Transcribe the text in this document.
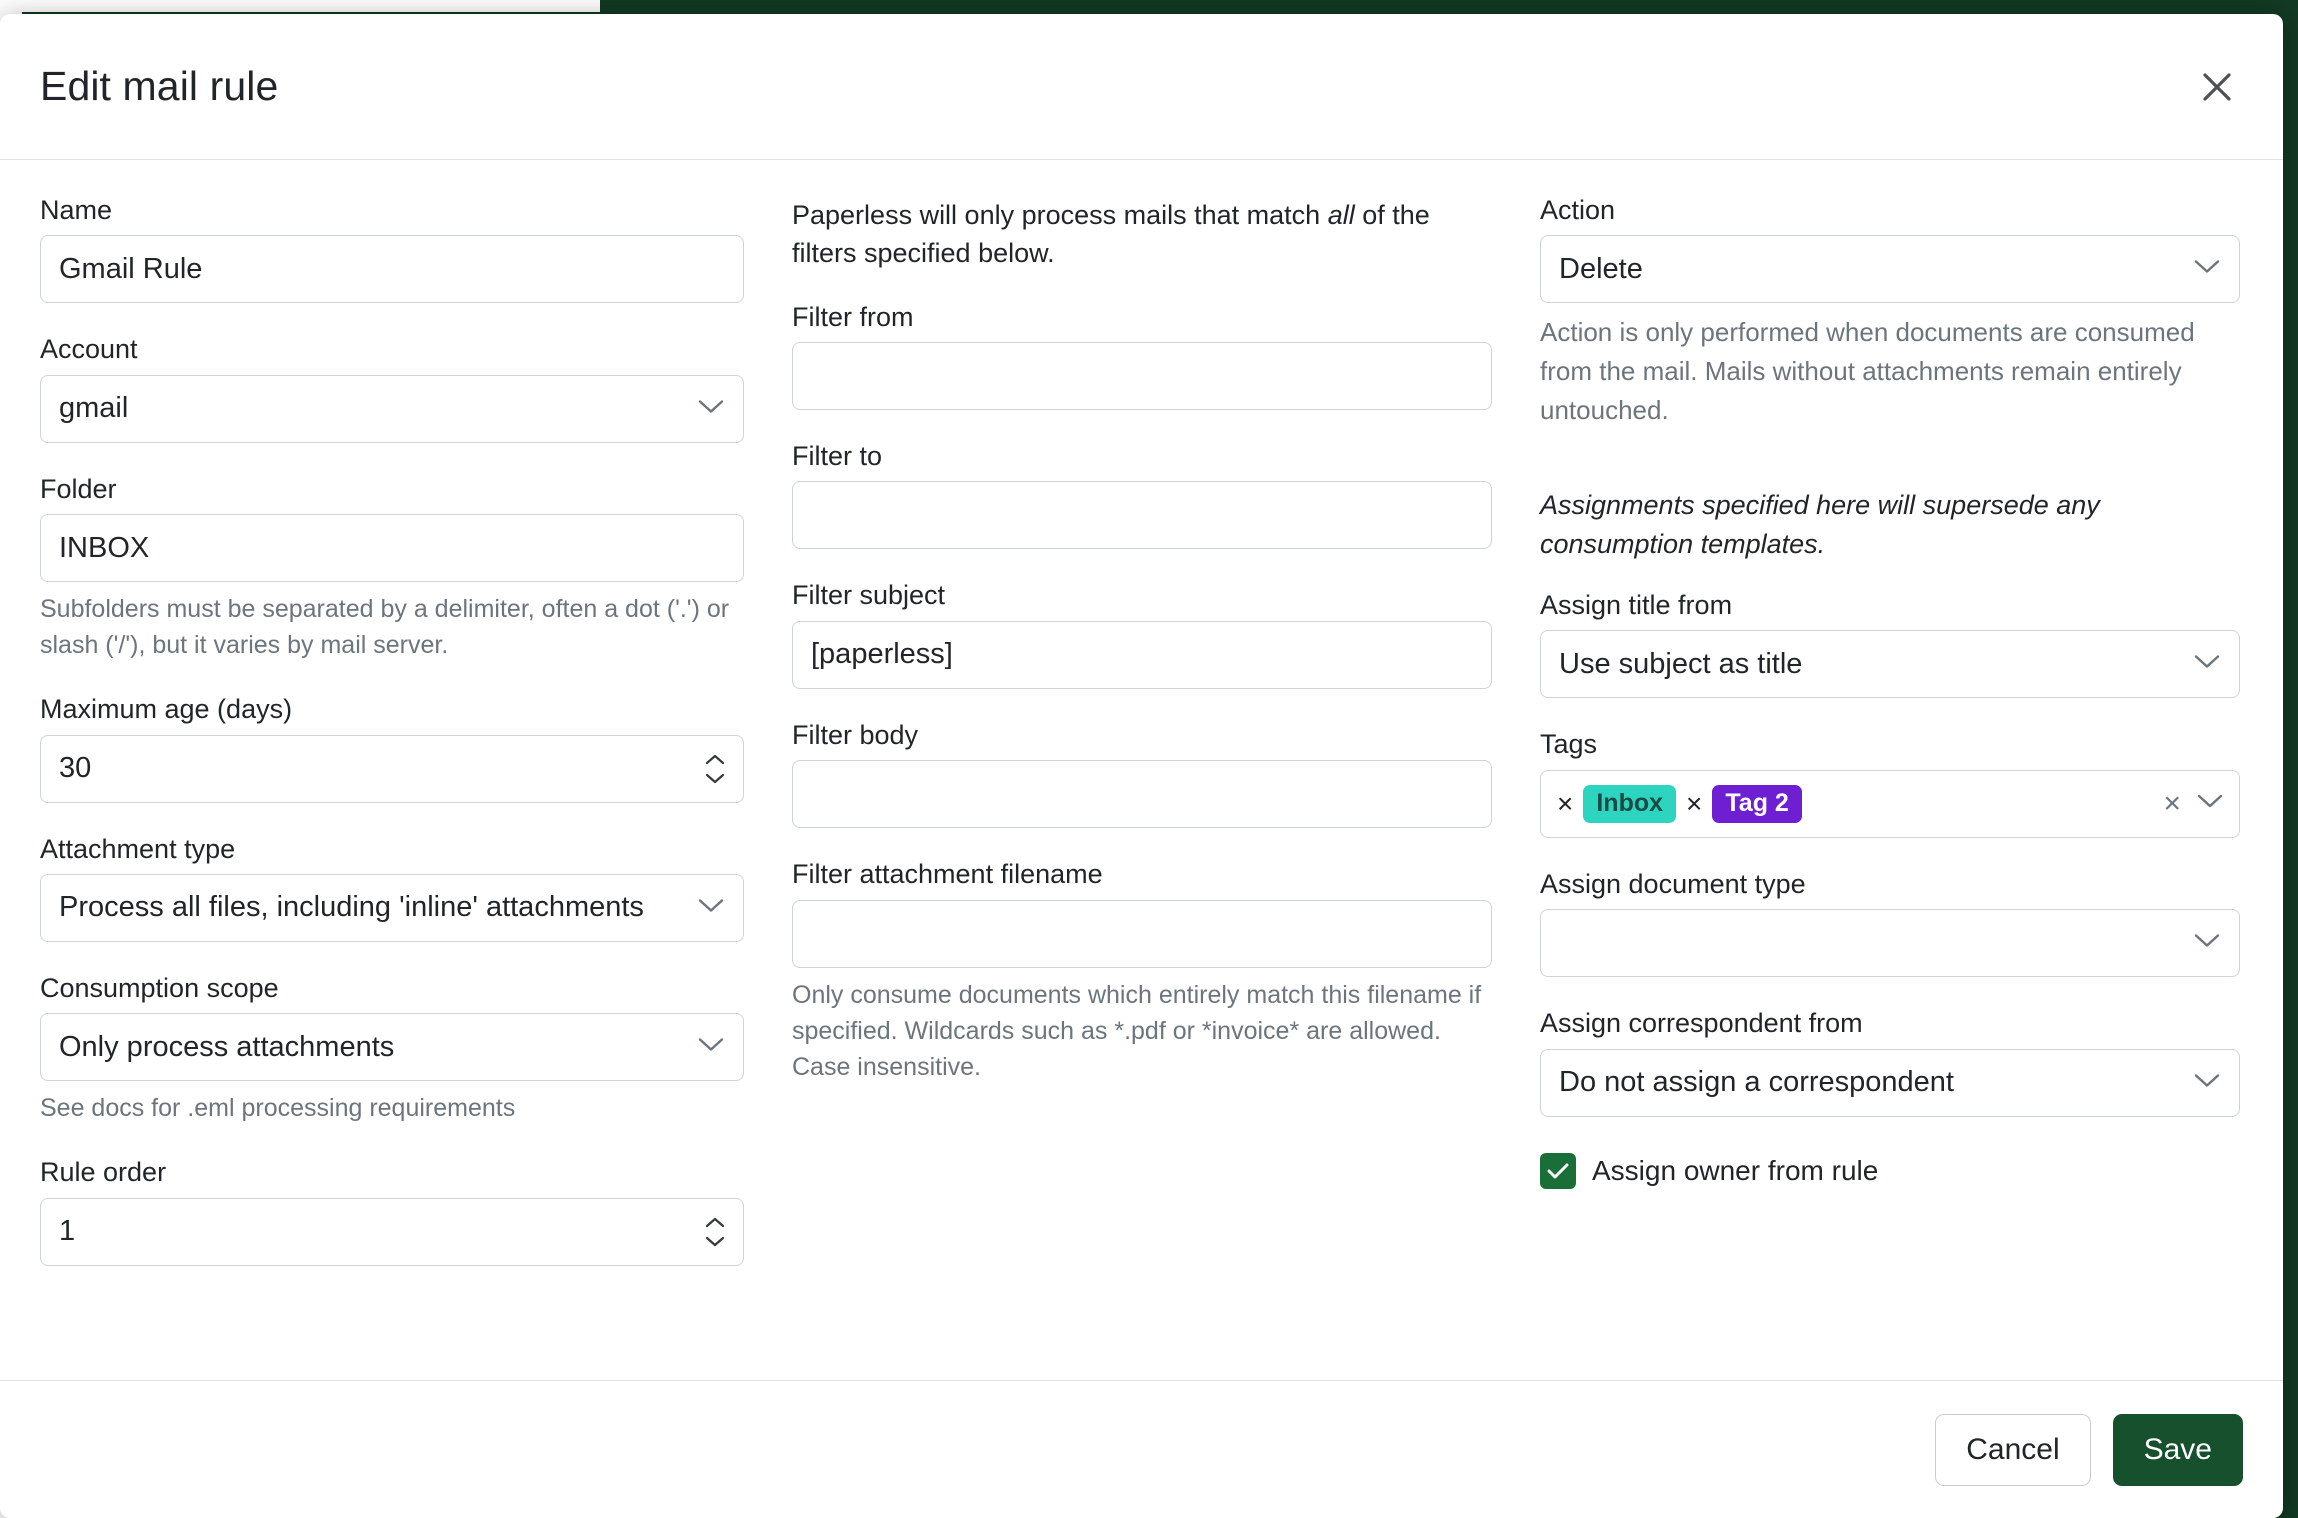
Edit mail rule
Name
Gmail Rule
Account
gmail
Folder
INBOX
Subfolders must be separated by a delimiter, often a dot ('.') or slash ('/'), but it varies by mail server.
Maximum age (days)
30
Attachment type
Process all files, including 'inline' attachments
Consumption scope
Only process attachments
See docs for .eml processing requirements
Rule order
1
Paperless will only process mails that match all of the filters specified below.
Filter from
Filter to
Filter subject
[paperless]
Filter body
Filter attachment filename
Only consume documents which entirely match this filename if specified. Wildcards such as *.pdf or *invoice* are allowed. Case insensitive.
Action
Delete
Action is only performed when documents are consumed from the mail. Mails without attachments remain entirely untouched.
Assignments specified here will supersede any consumption templates.
Assign title from
Use subject as title
Tags
× Inbox × Tag 2	×
Assign document type
Assign correspondent from
Do not assign a correspondent
Assign owner from rule
Cancel	Save
